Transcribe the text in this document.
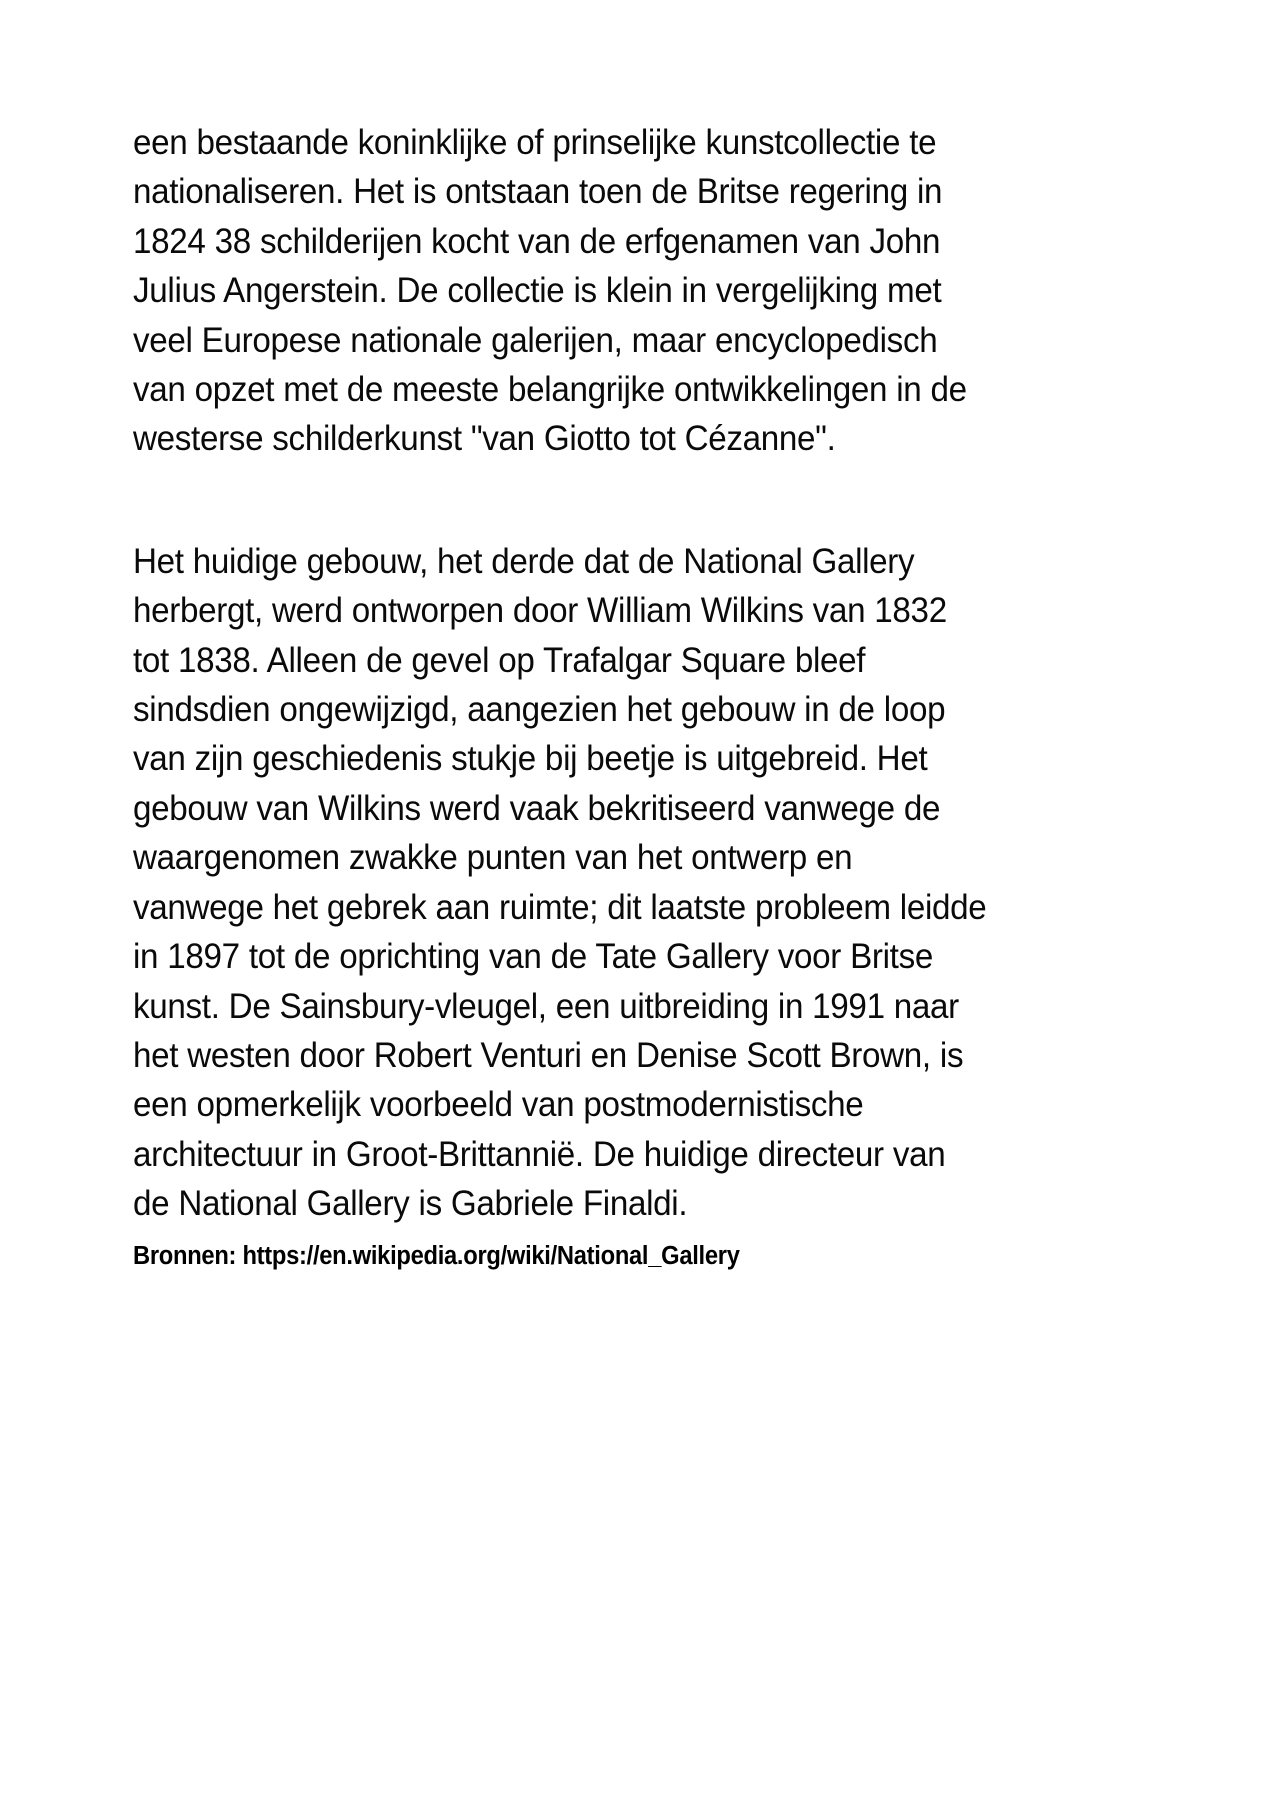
een bestaande koninklijke of prinselijke kunstcollectie te nationaliseren. Het is ontstaan toen de Britse regering in 1824 38 schilderijen kocht van de erfgenamen van John Julius Angerstein. De collectie is klein in vergelijking met veel Europese nationale galerijen, maar encyclopedisch van opzet met de meeste belangrijke ontwikkelingen in de westerse schilderkunst "van Giotto tot Cézanne".

Het huidige gebouw, het derde dat de National Gallery herbergt, werd ontworpen door William Wilkins van 1832 tot 1838. Alleen de gevel op Trafalgar Square bleef sindsdien ongewijzigd, aangezien het gebouw in de loop van zijn geschiedenis stukje bij beetje is uitgebreid. Het gebouw van Wilkins werd vaak bekritiseerd vanwege de waargenomen zwakke punten van het ontwerp en vanwege het gebrek aan ruimte; dit laatste probleem leidde in 1897 tot de oprichting van de Tate Gallery voor Britse kunst. De Sainsbury-vleugel, een uitbreiding in 1991 naar het westen door Robert Venturi en Denise Scott Brown, is een opmerkelijk voorbeeld van postmodernistische architectuur in Groot-Brittannië. De huidige directeur van de National Gallery is Gabriele Finaldi.

Bronnen: https://en.wikipedia.org/wiki/National_Gallery
